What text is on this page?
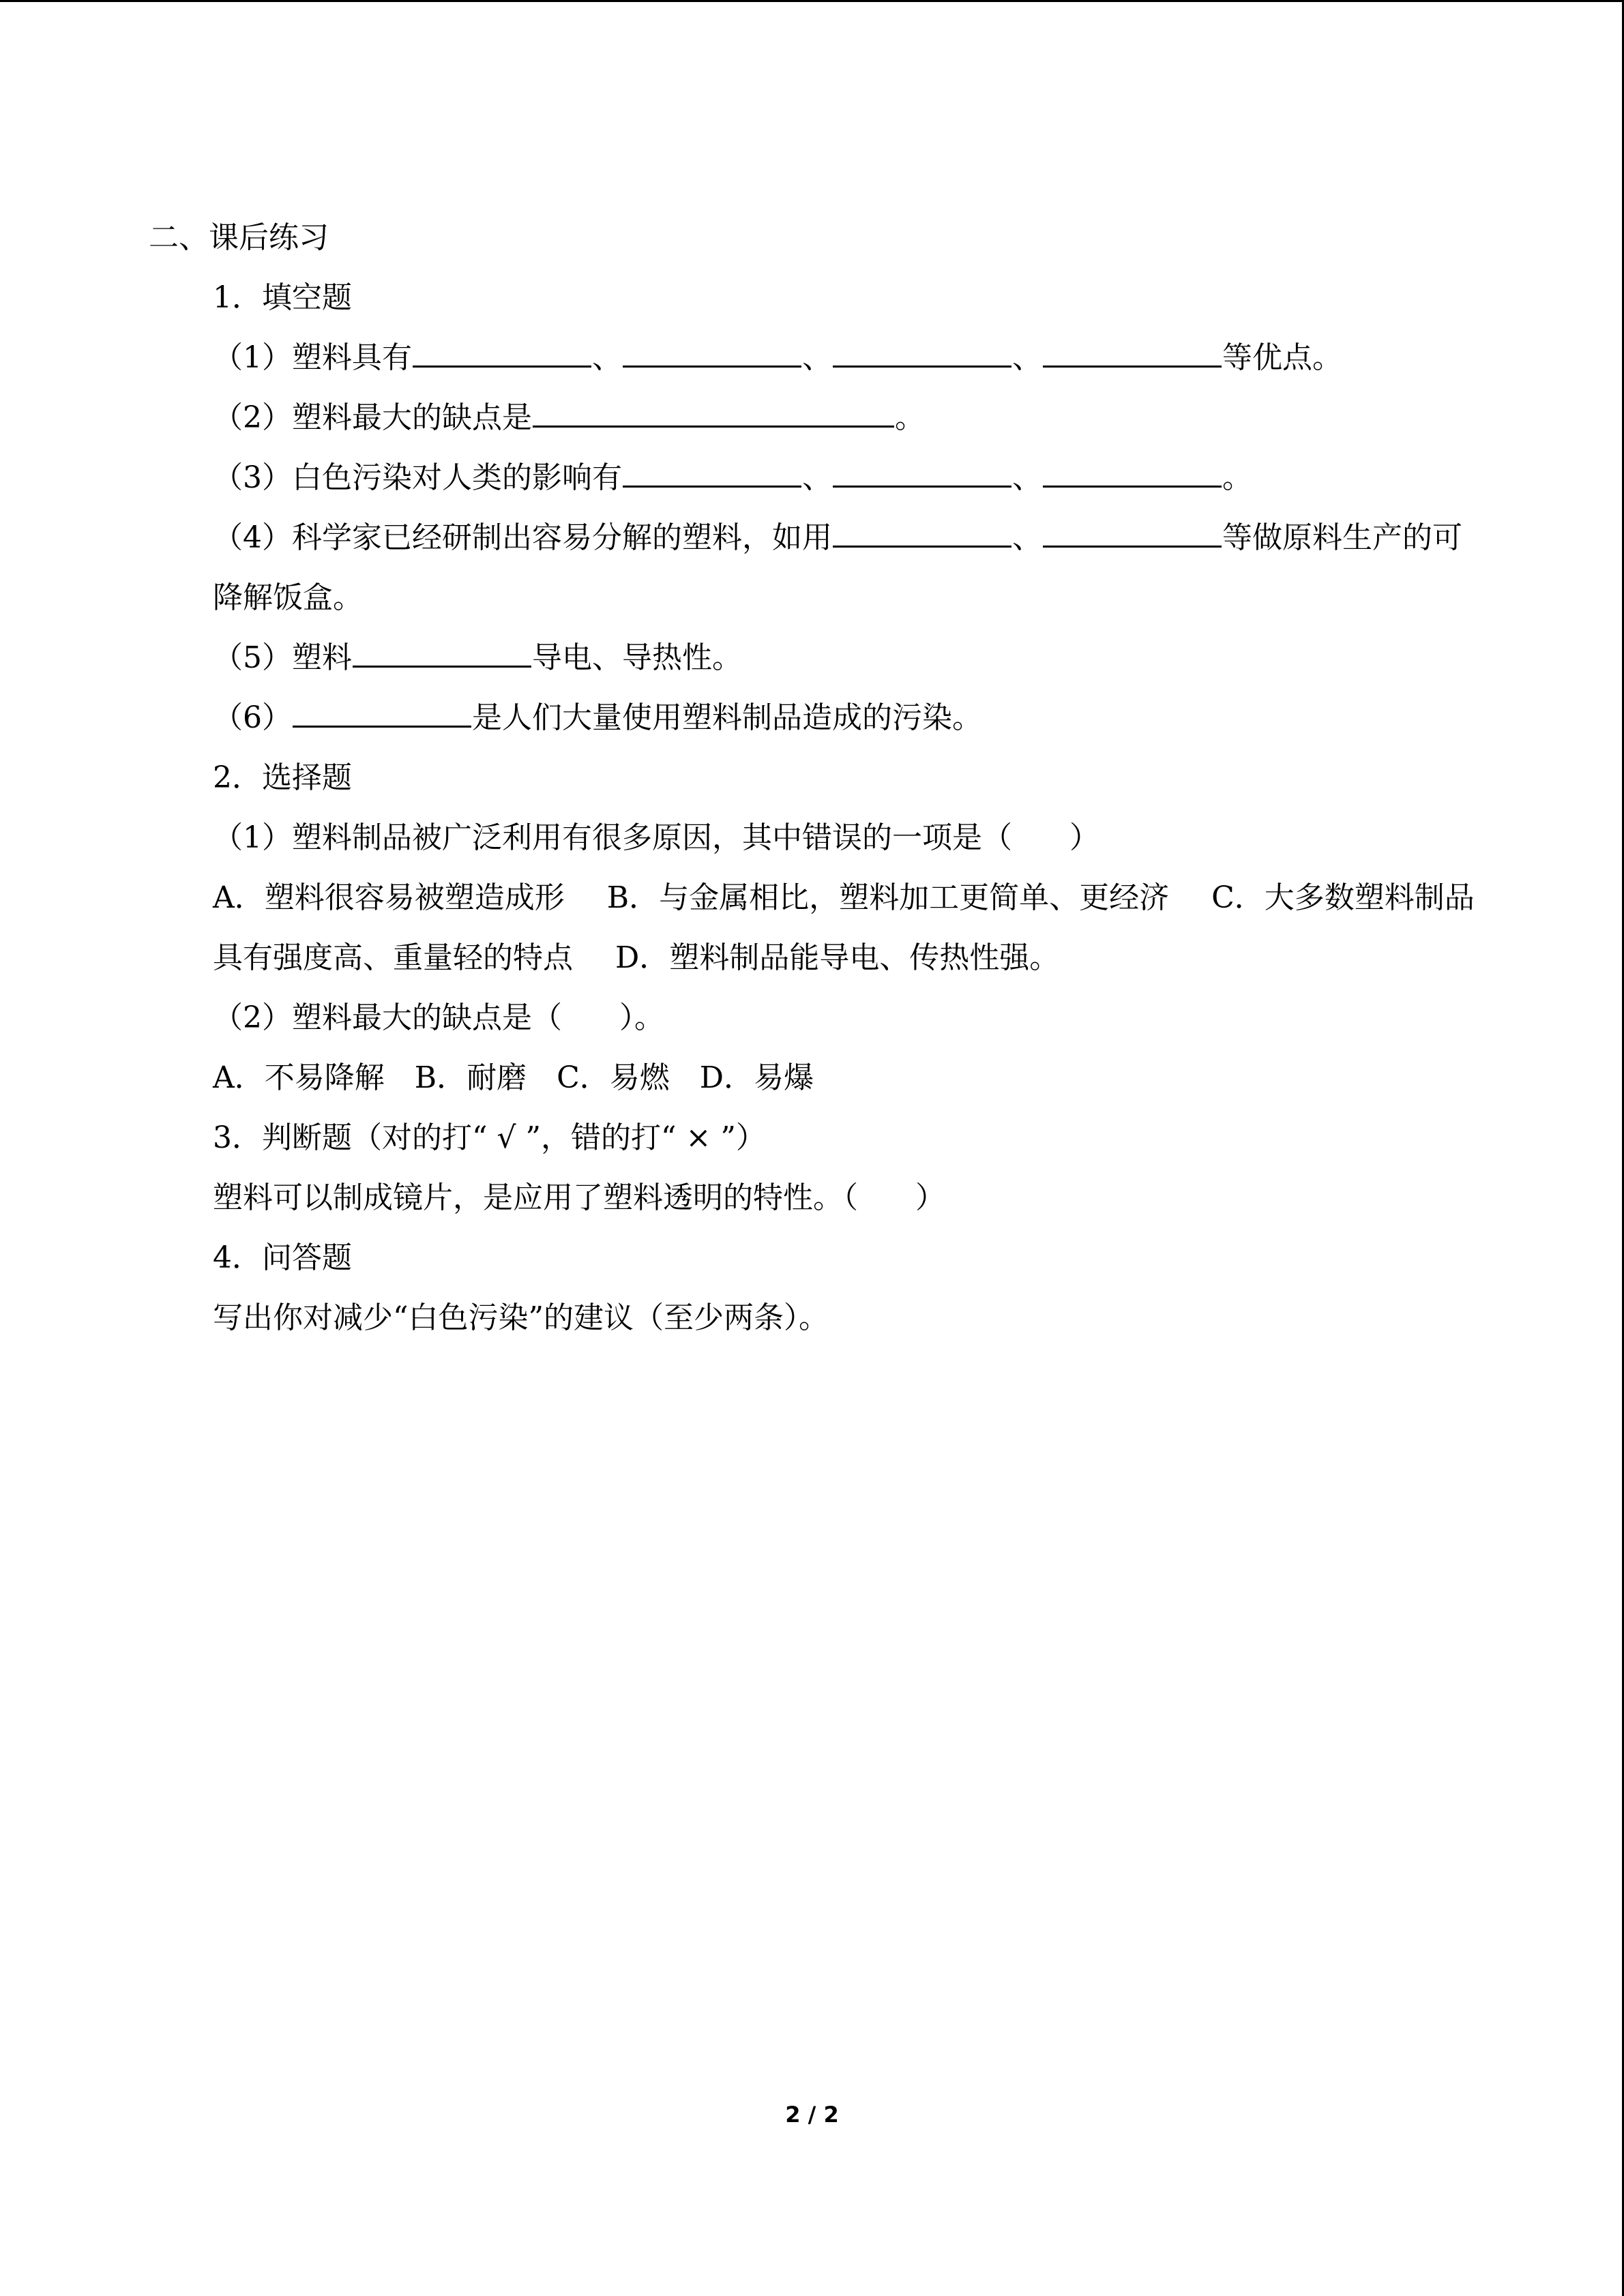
二、课后练习
1．填空题
（1）塑料具有	、	、	、	等优点。
（2）塑料最大的缺点是	。
（3）白色污染对人类的影响有	、	、	。
（4）科学家已经研制出容易分解的塑料，如用	、	等做原料生产的可降解饭盒。
（5）塑料	导电、导热性。
（6）	是人们大量使用塑料制品造成的污染。
2．选择题
（1）塑料制品被广泛利用有很多原因，其中错误的一项是（ ）
A．塑料很容易被塑造成形 B．与金属相比，塑料加工更简单、更经济 C．大多数塑料制品具有强度高、重量轻的特点 D．塑料制品能导电、传热性强。
（2）塑料最大的缺点是（ ）。
A．不易降解 B．耐磨 C．易燃 D．易爆
3．判断题（对的打“ √ ”，错的打“ × ”）
塑料可以制成镜片，是应用了塑料透明的特性。（ ）
4．问答题
写出你对减少“白色污染”的建议（至少两条）。
2 / 2
